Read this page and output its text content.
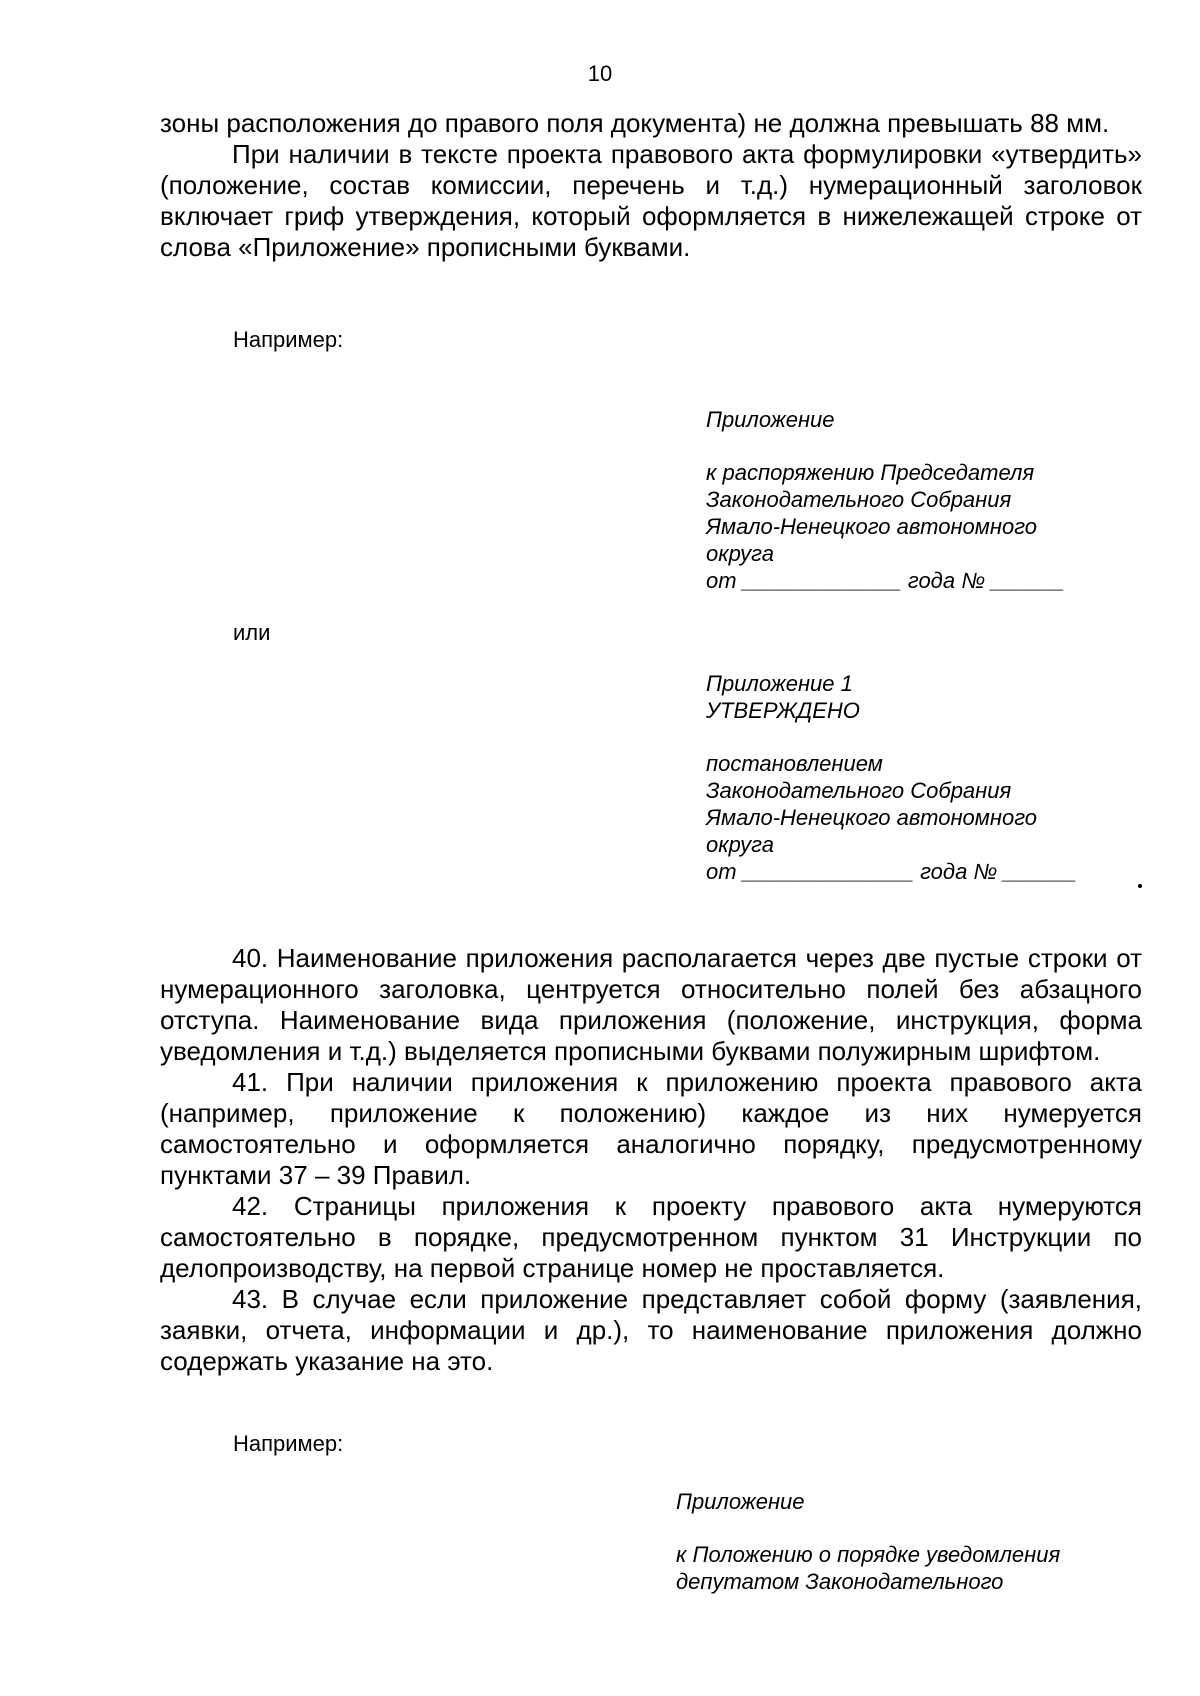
10

зоны расположения до правого поля документа) не должна превышать 88 мм.

При наличии в тексте проекта правового акта формулировки «утвердить» (положение, состав комиссии, перечень и т.д.) нумерационный заголовок включает гриф утверждения, который оформляется в нижележащей строке от слова «Приложение» прописными буквами.

Например:
Приложение
к распоряжению Председателя
Законодательного Собрания
Ямало-Ненецкого автономного
округа
от _____________ года № ______
или
Приложение 1
УТВЕРЖДЕНО
постановлением
Законодательного Собрания
Ямало-Ненецкого автономного
округа
от ______________ года № ______

40. Наименование приложения располагается через две пустые строки от нумерационного заголовка, центруется относительно полей без абзацного отступа. Наименование вида приложения (положение, инструкция, форма уведомления и т.д.) выделяется прописными буквами полужирным шрифтом.

41. При наличии приложения к приложению проекта правового акта (например, приложение к положению) каждое из них нумеруется самостоятельно и оформляется аналогично порядку, предусмотренному пунктами 37 – 39 Правил.

42. Страницы приложения к проекту правового акта нумеруются самостоятельно в порядке, предусмотренном пунктом 31 Инструкции по делопроизводству, на первой странице номер не проставляется.

43. В случае если приложение представляет собой форму (заявления, заявки, отчета, информации и др.), то наименование приложения должно содержать указание на это.

Например:
Приложение
к Положению о порядке уведомления
депутатом Законодательного
